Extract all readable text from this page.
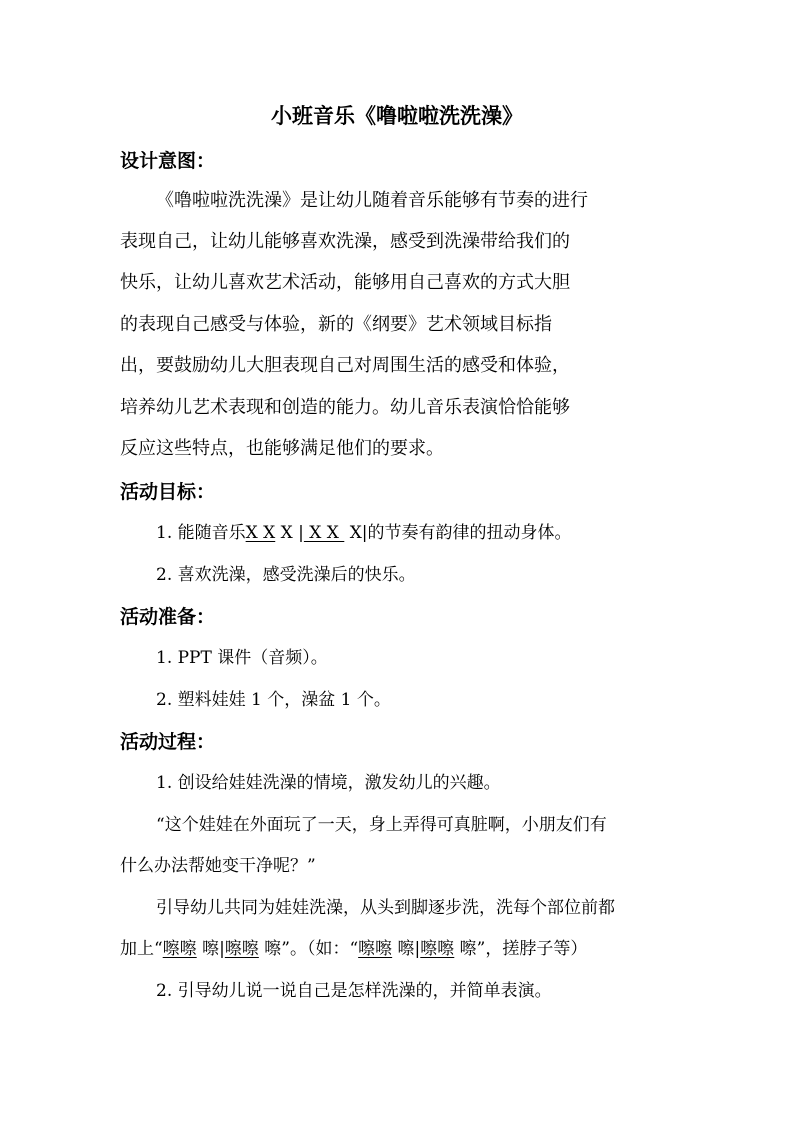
小班音乐《噜啦啦洗洗澡》
设计意图：
《噜啦啦洗洗澡》是让幼儿随着音乐能够有节奏的进行
表现自己，让幼儿能够喜欢洗澡，感受到洗澡带给我们的
快乐，让幼儿喜欢艺术活动，能够用自己喜欢的方式大胆
的表现自己感受与体验，新的《纲要》艺术领域目标指
出，要鼓励幼儿大胆表现自己对周围生活的感受和体验，
培养幼儿艺术表现和创造的能力。幼儿音乐表演恰恰能够
反应这些特点，也能够满足他们的要求。
活动目标：
1. 能随音乐X X X | X X  X|的节奏有韵律的扭动身体。
2. 喜欢洗澡，感受洗澡后的快乐。
活动准备：
1. PPT 课件（音频）。
2. 塑料娃娃 1 个，澡盆 1 个。
活动过程：
1. 创设给娃娃洗澡的情境，激发幼儿的兴趣。
“这个娃娃在外面玩了一天，身上弄得可真脏啊，小朋友们有
什么办法帮她变干净呢？”
引导幼儿共同为娃娃洗澡，从头到脚逐步洗，洗每个部位前都
加上“嚓嚓 嚓|嚓嚓 嚓”。（如：“嚓嚓 嚓|嚓嚓 嚓”，搓脖子等）
2. 引导幼儿说一说自己是怎样洗澡的，并简单表演。
